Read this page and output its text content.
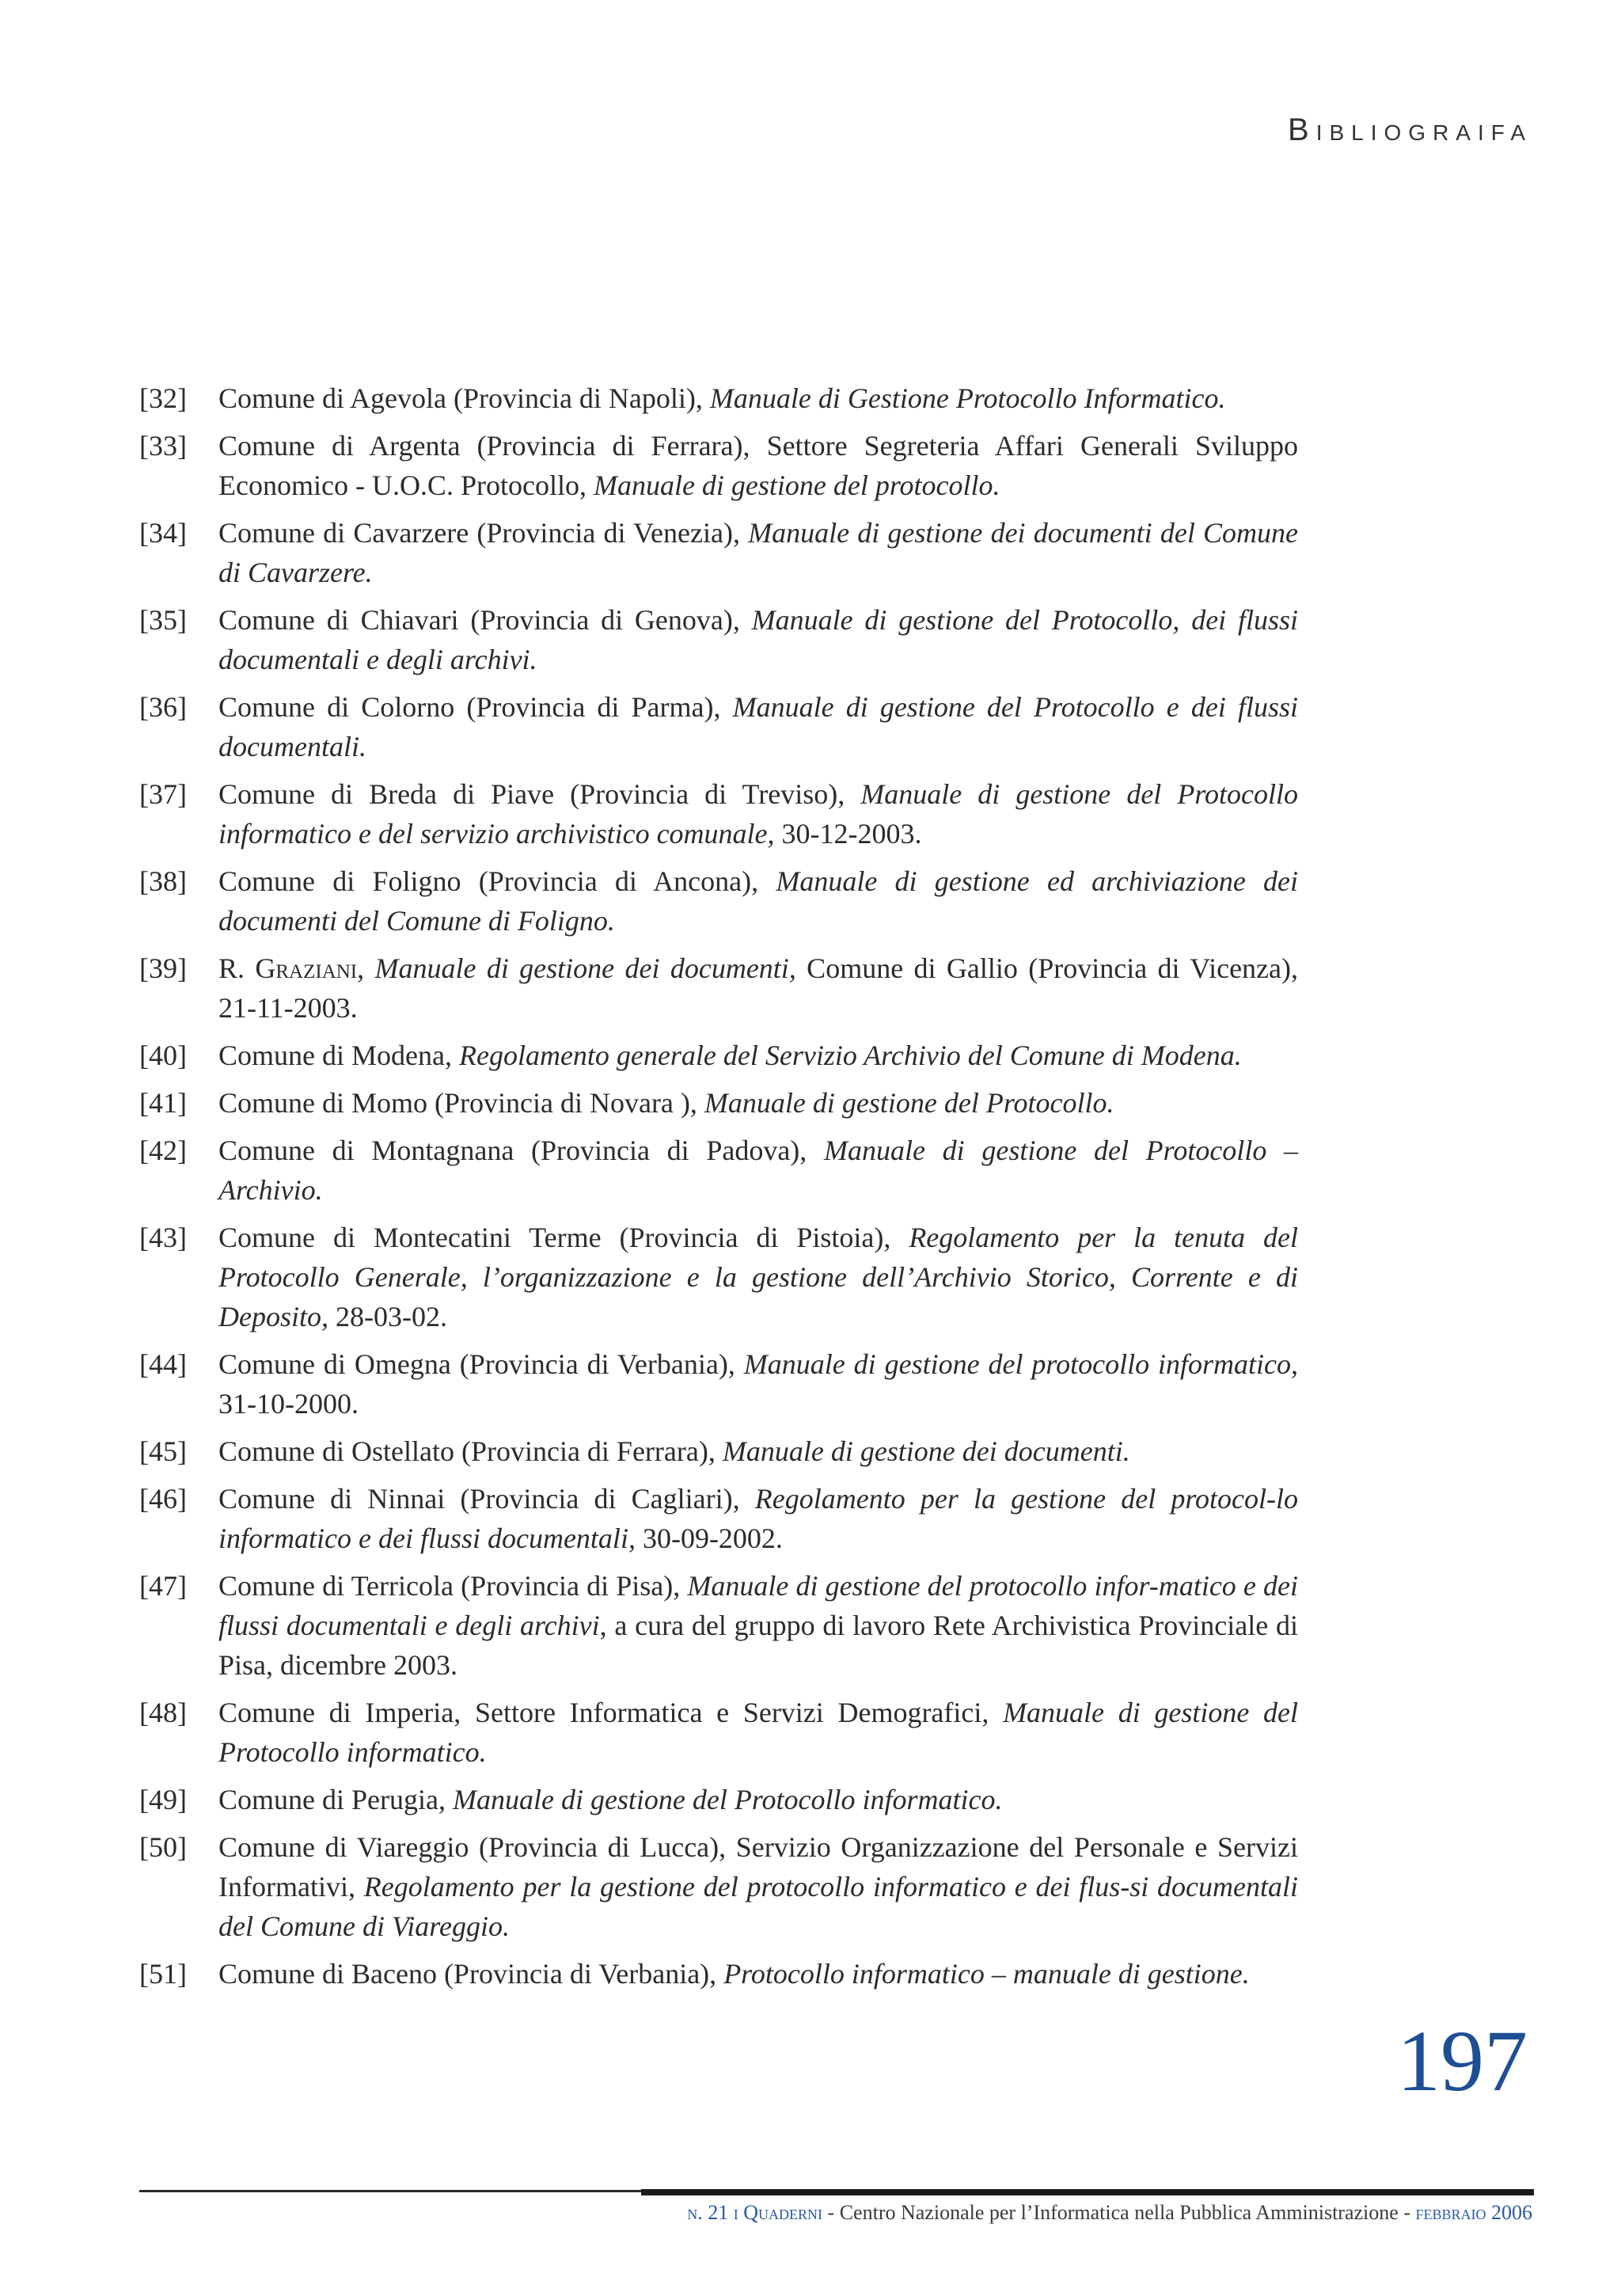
Bibliograifa
[32]	Comune di Agevola (Provincia di Napoli), Manuale di Gestione Protocollo Informatico.
[33]	Comune di Argenta (Provincia di Ferrara), Settore Segreteria Affari Generali Sviluppo Economico - U.O.C. Protocollo, Manuale di gestione del protocollo.
[34]	Comune di Cavarzere (Provincia di Venezia), Manuale di gestione dei documenti del Comune di Cavarzere.
[35]	Comune di Chiavari (Provincia di Genova), Manuale di gestione del Protocollo, dei flussi documentali e degli archivi.
[36]	Comune di Colorno (Provincia di Parma), Manuale di gestione del Protocollo e dei flussi documentali.
[37]	Comune di Breda di Piave (Provincia di Treviso), Manuale di gestione del Protocollo informatico e del servizio archivistico comunale, 30-12-2003.
[38]	Comune di Foligno (Provincia di Ancona), Manuale di gestione ed archiviazione dei documenti del Comune di Foligno.
[39]	R. Graziani, Manuale di gestione dei documenti, Comune di Gallio (Provincia di Vicenza), 21-11-2003.
[40]	Comune di Modena, Regolamento generale del Servizio Archivio del Comune di Modena.
[41]	Comune di Momo (Provincia di Novara ), Manuale di gestione del Protocollo.
[42]	Comune di Montagnana (Provincia di Padova), Manuale di gestione del Protocollo – Archivio.
[43]	Comune di Montecatini Terme (Provincia di Pistoia), Regolamento per la tenuta del Protocollo Generale, l’organizzazione e la gestione dell’Archivio Storico, Corrente e di Deposito, 28-03-02.
[44]	Comune di Omegna (Provincia di Verbania), Manuale di gestione del protocollo informatico, 31-10-2000.
[45]	Comune di Ostellato (Provincia di Ferrara), Manuale di gestione dei documenti.
[46]	Comune di Ninnai (Provincia di Cagliari), Regolamento per la gestione del protocol-lo informatico e dei flussi documentali, 30-09-2002.
[47]	Comune di Terricola (Provincia di Pisa), Manuale di gestione del protocollo infor-matico e dei flussi documentali e degli archivi, a cura del gruppo di lavoro Rete Archivistica Provinciale di Pisa, dicembre 2003.
[48]	Comune di Imperia, Settore Informatica e Servizi Demografici, Manuale di gestione del Protocollo informatico.
[49]	Comune di Perugia, Manuale di gestione del Protocollo informatico.
[50]	Comune di Viareggio (Provincia di Lucca), Servizio Organizzazione del Personale e Servizi Informativi, Regolamento per la gestione del protocollo informatico e dei flus-si documentali del Comune di Viareggio.
[51]	Comune di Baceno (Provincia di Verbania), Protocollo informatico – manuale di gestione.
197
n. 21 i Quaderni - Centro Nazionale per l’Informatica nella Pubblica Amministrazione - febbraio 2006
